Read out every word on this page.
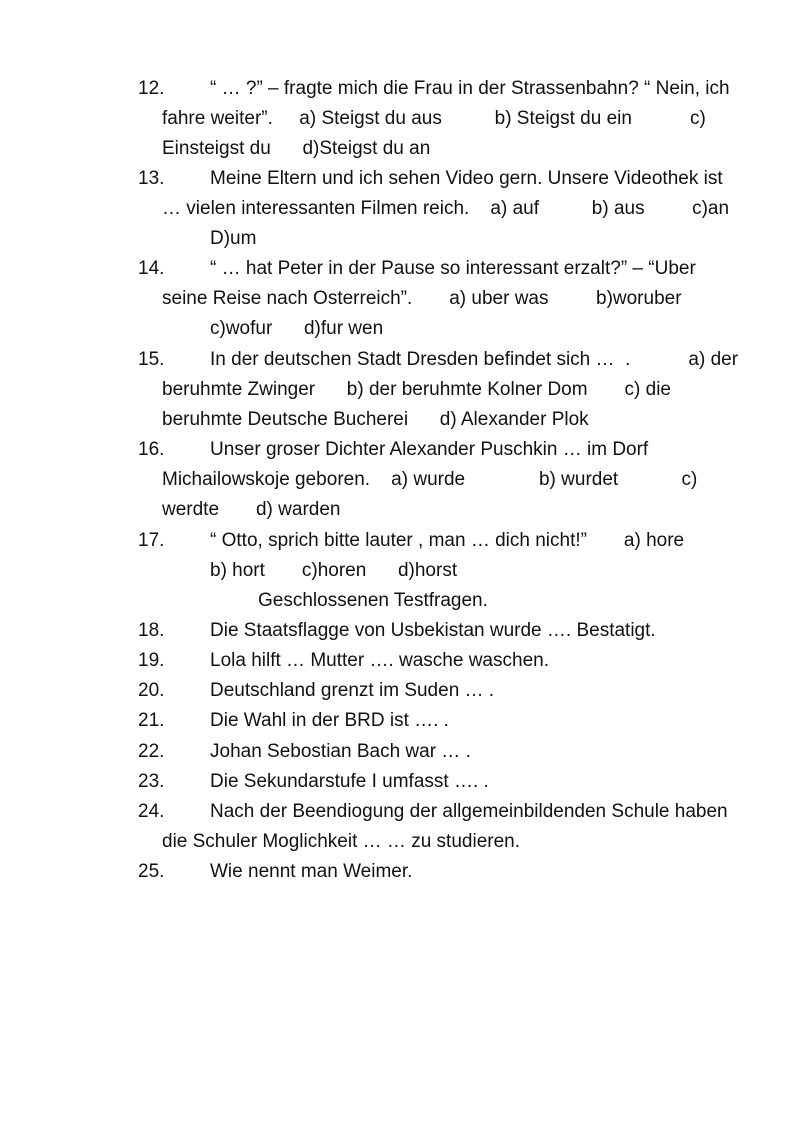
12. “ … ?” – fragte mich die Frau in der Strassenbahn? “ Nein, ich
fahre weiter”.     a) Steigst du aus          b) Steigst du ein           c)
Einsteigst du      d)Steigst du an
13. Meine Eltern und ich sehen Video gern. Unsere Videothek ist
… vielen interessanten Filmen reich.    a) auf          b) aus         c)an
D)um
14. “ … hat Peter in der Pause so interessant erzalt?” – “Uber
seine Reise nach Osterreich”.       a) uber was         b)woruber
c)wofur      d)fur wen
15. In der deutschen Stadt Dresden befindet sich …  .           a) der
beruhmte Zwinger      b) der beruhmte Kolner Dom       c) die
beruhmte Deutsche Bucherei      d) Alexander Plok
16. Unser groser Dichter Alexander Puschkin … im Dorf
Michailowskoje geboren.    a) wurde              b) wurdet            c)
werdte       d) warden
17. “ Otto, sprich bitte lauter , man … dich nicht!”       a) hore
b) hort       c)horen      d)horst
Geschlossenen Testfragen.
18. Die Staatsflagge von Usbekistan wurde …. Bestatigt.
19. Lola hilft … Mutter …. wasche waschen.
20. Deutschland grenzt im Suden … .
21. Die Wahl in der BRD ist …. .
22. Johan Sebostian Bach war … .
23. Die Sekundarstufe I umfasst …. .
24. Nach der Beendiogung der allgemeinbildenden Schule haben
die Schuler Moglichkeit … … zu studieren.
25. Wie nennt man Weimer.
